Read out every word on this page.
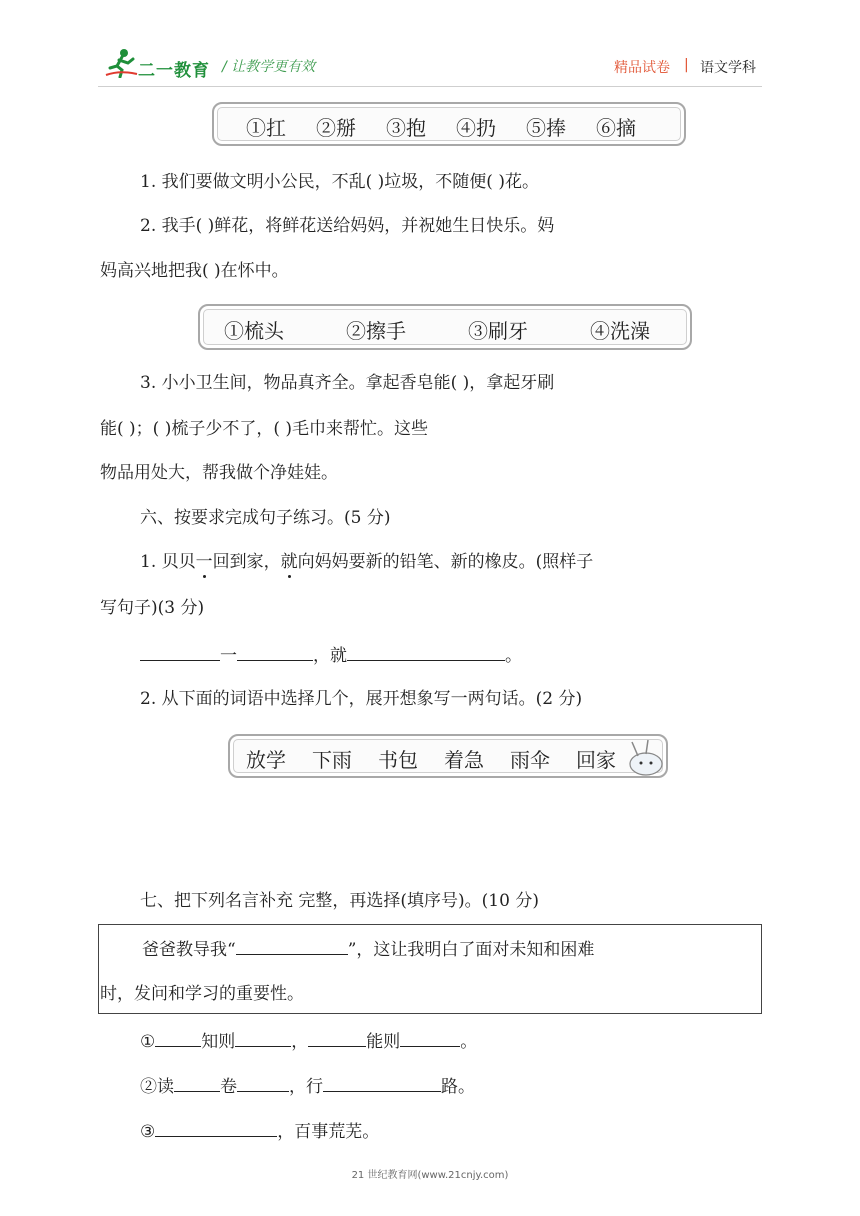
二一教育 / 让教学更有效	精品试卷 | 语文学科
①扛 ②掰 ③抱 ④扔 ⑤捧 ⑥摘
1. 我们要做文明小公民，不乱( )垃圾，不随便( )花。
2. 我手( )鲜花，将鲜花送给妈妈，并祝她生日快乐。妈
妈高兴地把我( )在怀中。
①梳头	②擦手	③刷牙	④洗澡
3. 小小卫生间，物品真齐全。拿起香皂能( )，拿起牙刷
能( )；( )梳子少不了，( )毛巾来帮忙。这些
物品用处大，帮我做个净娃娃。
六、按要求完成句子练习。(5 分)
1. 贝贝一回到家，就向妈妈要新的铅笔、新的橡皮。(照样子
写句子)(3 分)
一	，就	。
2. 从下面的词语中选择几个，展开想象写一两句话。(2 分)
放学 下雨 书包 着急 雨伞 回家
七、把下列名言补充 完整，再选择(填序号)。(10 分)
爸爸教导我“	”，这让我明白了面对未知和困难
时，发问和学习的重要性。
①	知则	，	能则	。
②读	卷	，行	路。
③	，百事荒芜。
21 世纪教育网(www.21cnjy.com)
